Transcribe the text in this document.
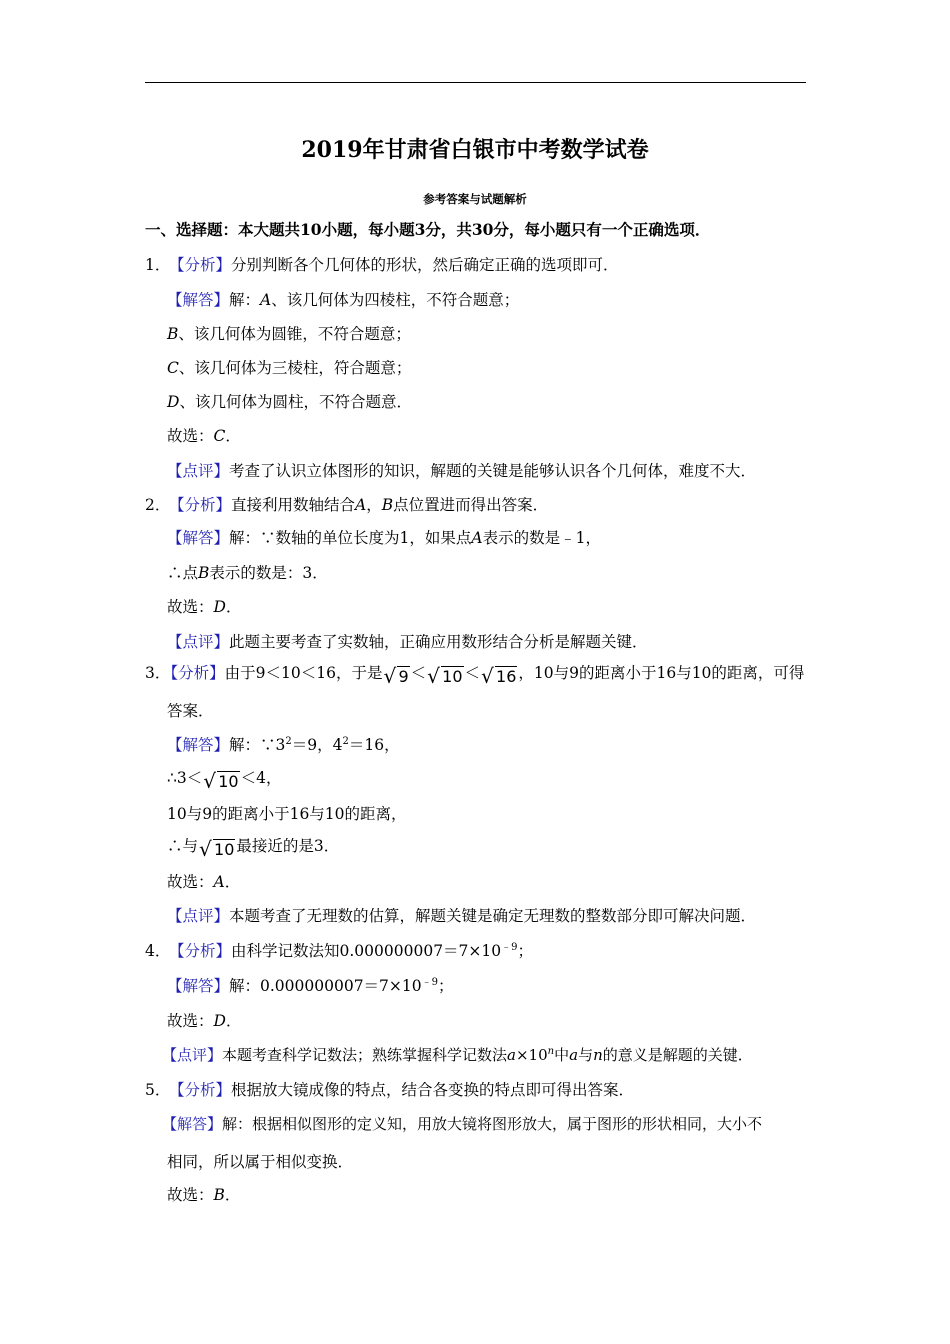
2019年甘肃省白银市中考数学试卷
参考答案与试题解析
一、选择题：本大题共10小题，每小题3分，共30分，每小题只有一个正确选项．
1．【分析】分别判断各个几何体的形状，然后确定正确的选项即可．
【解答】解：A、该几何体为四棱柱，不符合题意；
B、该几何体为圆锥，不符合题意；
C、该几何体为三棱柱，符合题意；
D、该几何体为圆柱，不符合题意．
故选：C．
【点评】考查了认识立体图形的知识，解题的关键是能够认识各个几何体，难度不大．
2．【分析】直接利用数轴结合A，B点位置进而得出答案．
【解答】解：∵数轴的单位长度为1，如果点A表示的数是﹣1，
∴点B表示的数是：3．
故选：D．
【点评】此题主要考查了实数轴，正确应用数形结合分析是解题关键．
3．【分析】由于9＜10＜16，于是 √ 9 ＜ √ 10 ＜ √ 16 ，10与9的距离小于16与10的距离，可得
答案．
【解答】解：$\because 3^2=9$，$4^2=16$，
∴3＜ √ 10 ＜4，
10与9的距离小于16与10的距离，
∴与 √ 10 最接近的是3．
故选：A．
【点评】本题考查了无理数的估算，解题关键是确定无理数的整数部分即可解决问题．
4．【分析】由科学记数法知$0.000000007=7\times 10^{﹣9}$；
【解答】解：$0.000000007=7\times 10^{﹣9}$；
故选：D．
【点评】本题考查科学记数法；熟练掌握科学记数法$a\times 10^n$中a与n的意义是解题的关键．
5．【分析】根据放大镜成像的特点，结合各变换的特点即可得出答案．
【解答】解：根据相似图形的定义知，用放大镜将图形放大，属于图形的形状相同，大小不
相同，所以属于相似变换．
故选：B．
